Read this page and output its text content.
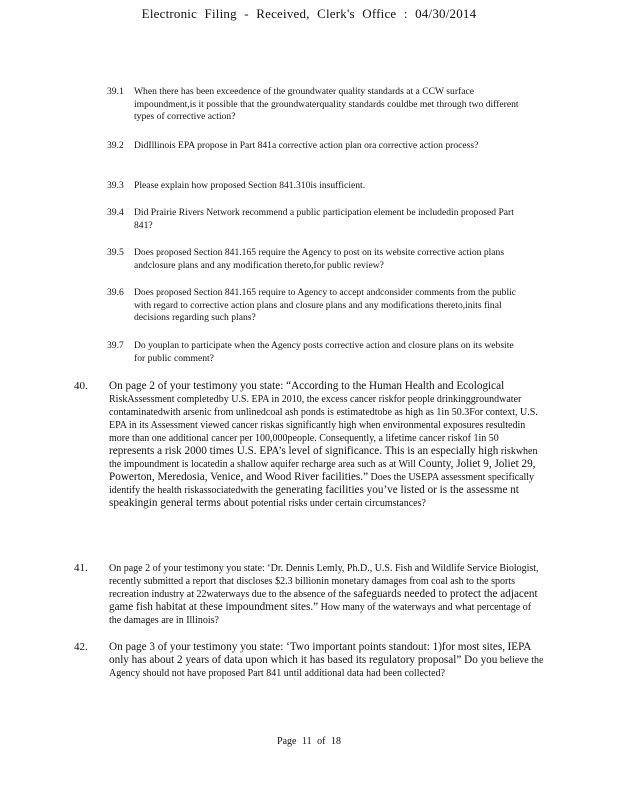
Electronic Filing - Received, Clerk's Office : 04/30/2014
39.1 When there has been exceedence of the groundwater quality standards at a CCW surface impoundment,is it possible that the groundwaterquality standards couldbe met through two different types of corrective action?
39.2 DidIllinois EPA propose in Part 841a corrective action plan ora corrective action process?
39.3 Please explain how proposed Section 841.310is insufficient.
39.4 Did Prairie Rivers Network recommend a public participation element be includedin proposed Part 841?
39.5 Does proposed Section 841.165 require the Agency to post on its website corrective action plans andclosure plans and any modification thereto,for public review?
39.6 Does proposed Section 841.165 require to Agency to accept andconsider comments from the public with regard to corrective action plans and closure plans and any modifications thereto,inits final decisions regarding such plans?
39.7 Do youplan to participate when the Agency posts corrective action and closure plans on its website for public comment?
40. On page 2 of your testimony you state: “According to the Human Health and Ecological RiskAssessment completedby U.S. EPA in 2010, the excess cancer riskfor people drinkinggroundwater contaminatedwith arsenic from unlinedcoal ash ponds is estimatedtobe as high as 1in 50.3For context, U.S. EPA in its Assessment viewed cancer riskas significantly high when environmental exposures resultedin more than one additional cancer per 100,000people. Consequently, a lifetime cancer riskof 1in 50 represents a risk 2000 times U.S. EPA’s level of significance. This is an especially high riskwhen the impoundment is locatedin a shallow aquifer recharge area such as at Will County, Joliet 9, Joliet 29, Powerton, Meredosia, Venice, and Wood River facilities.” Does the USEPA assessment specifically identify the health riskassociatedwith the generating facilities you’ve listed or is the assessme nt speakingin general terms about potential risks under certain circumstances?
41. On page 2 of your testimony you state: ‘Dr. Dennis Lemly, Ph.D., U.S. Fish and Wildlife Service Biologist, recently submitted a report that discloses $2.3 billionin monetary damages from coal ash to the sports recreation industry at 22waterways due to the absence of the safeguards needed to protect the adjacent game fish habitat at these impoundment sites.” How many of the waterways and what percentage of the damages are in Illinois?
42. On page 3 of your testimony you state: ‘Two important points standout: 1)for most sites, IEPA only has about 2 years of data upon which it has based its regulatory proposal” Do you believe the Agency should not have proposed Part 841 until additional data had been collected?
Page 11 of 18
